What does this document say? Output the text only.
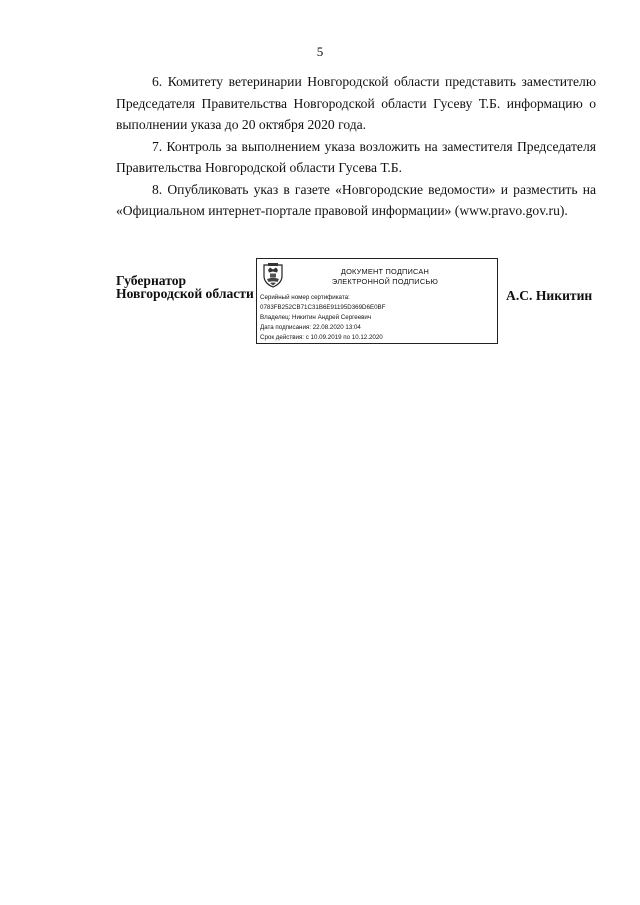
5

6. Комитету ветеринарии Новгородской области представить заместителю Председателя Правительства Новгородской области Гусеву Т.Б. информацию о выполнении указа до 20 октября 2020 года.

7. Контроль за выполнением указа возложить на заместителя Председателя Правительства Новгородской области Гусева Т.Б.

8. Опубликовать указ в газете «Новгородские ведомости» и разместить на «Официальном интернет-портале правовой информации» (www.pravo.gov.ru).

Губернатор
Новгородской области
ДОКУМЕНТ ПОДПИСАН
ЭЛЕКТРОННОЙ ПОДПИСЬЮ
Серийный номер сертификата:
0783FB252CB71C31B6E91195D369D6E0BF
Владелец: Никитин Андрей Сергеевич
Дата подписания: 22.08.2020 13:04
Срок действия: с 10.09.2019 по 10.12.2020
А.С. Никитин
